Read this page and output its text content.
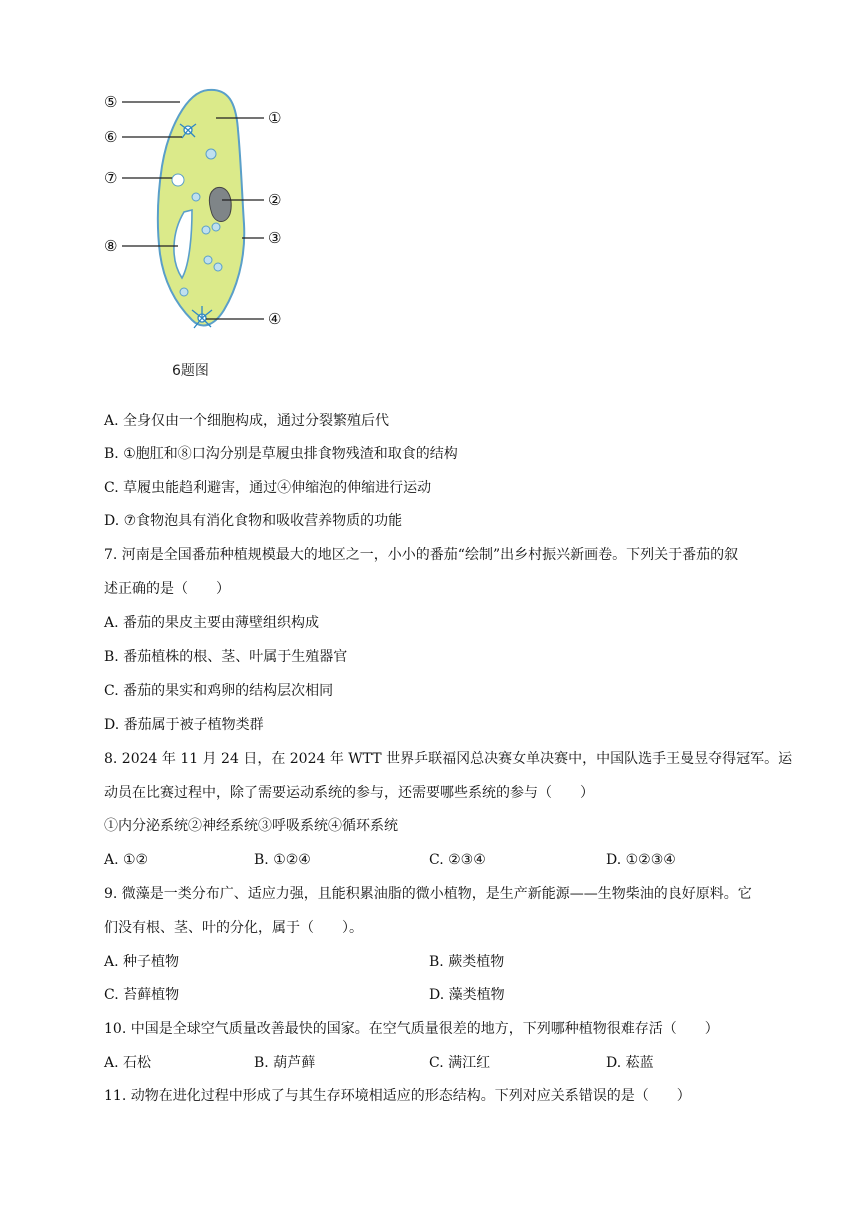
⑤
⑥
⑦
⑧
①
②
③
④
6题图
A. 全身仅由一个细胞构成，通过分裂繁殖后代
B. ①胞肛和⑧口沟分别是草履虫排食物残渣和取食的结构
C. 草履虫能趋利避害，通过④伸缩泡的伸缩进行运动
D. ⑦食物泡具有消化食物和吸收营养物质的功能
7. 河南是全国番茄种植规模最大的地区之一，小小的番茄“绘制”出乡村振兴新画卷。下列关于番茄的叙
述正确的是（　　）
A. 番茄的果皮主要由薄壁组织构成
B. 番茄植株的根、茎、叶属于生殖器官
C. 番茄的果实和鸡卵的结构层次相同
D. 番茄属于被子植物类群
8. 2024 年 11 月 24 日，在 2024 年 WTT 世界乒联福冈总决赛女单决赛中，中国队选手王曼昱夺得冠军。运
动员在比赛过程中，除了需要运动系统的参与，还需要哪些系统的参与（　　）
①内分泌系统②神经系统③呼吸系统④循环系统
A. ①②	B. ①②④	C. ②③④	D. ①②③④
9. 微藻是一类分布广、适应力强，且能积累油脂的微小植物，是生产新能源——生物柴油的良好原料。它
们没有根、茎、叶的分化，属于（　　）。
A. 种子植物	B. 蕨类植物
C. 苔藓植物	D. 藻类植物
10. 中国是全球空气质量改善最快的国家。在空气质量很差的地方，下列哪种植物很难存活（　　）
A. 石松	B. 葫芦藓	C. 满江红	D. 菘蓝
11. 动物在进化过程中形成了与其生存环境相适应的形态结构。下列对应关系错误的是（　　）
